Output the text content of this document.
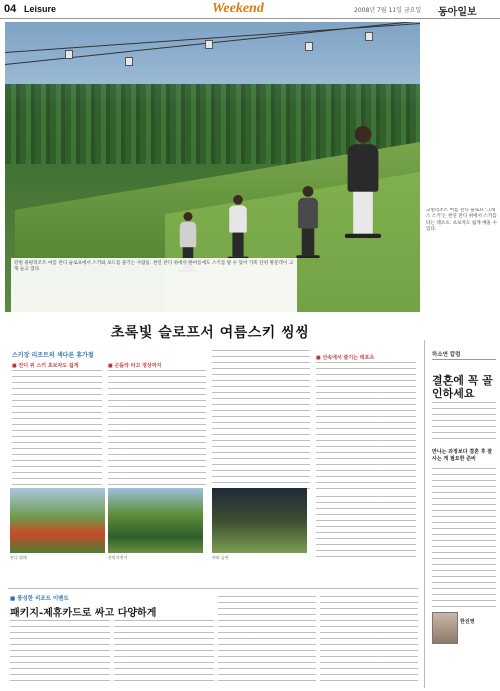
04 Leisure	Weekend	2008년 7월 11일 금요일 동아일보
강원 용평리조트 여름 잔디 슬로프에서 스키와 보드를 즐기는 사람들. 천연 잔디 위에서 한여름에도 스키를 탈 수 있어 가족 단위 방문객이 크게 늘고 있다.
고원리조트 여름 잔디 슬로프 '그래스 스키'는 천연 잔디 위에서 스키를 타는 레포츠. 초보자도 쉽게 배울 수 있다.
초록빛 슬로프서 여름스키 씽씽
스키장 리조트의 색다른 휴가철
■ 잔디 위 스키 초보자도 쉽게	■ 곤돌라 타고 정상까지
■ 산속에서 즐기는 레포츠
잔디 썰매	산악자전거	야외 공연
■ 풍성한 리조트 이벤트
패키지-제휴카드로 싸고 다양하게
하소연 칼럼
결혼에 꼭 골인하세요
만나는 과정보다 결혼 후 잘 사는 게 필요한 준비
한진영
